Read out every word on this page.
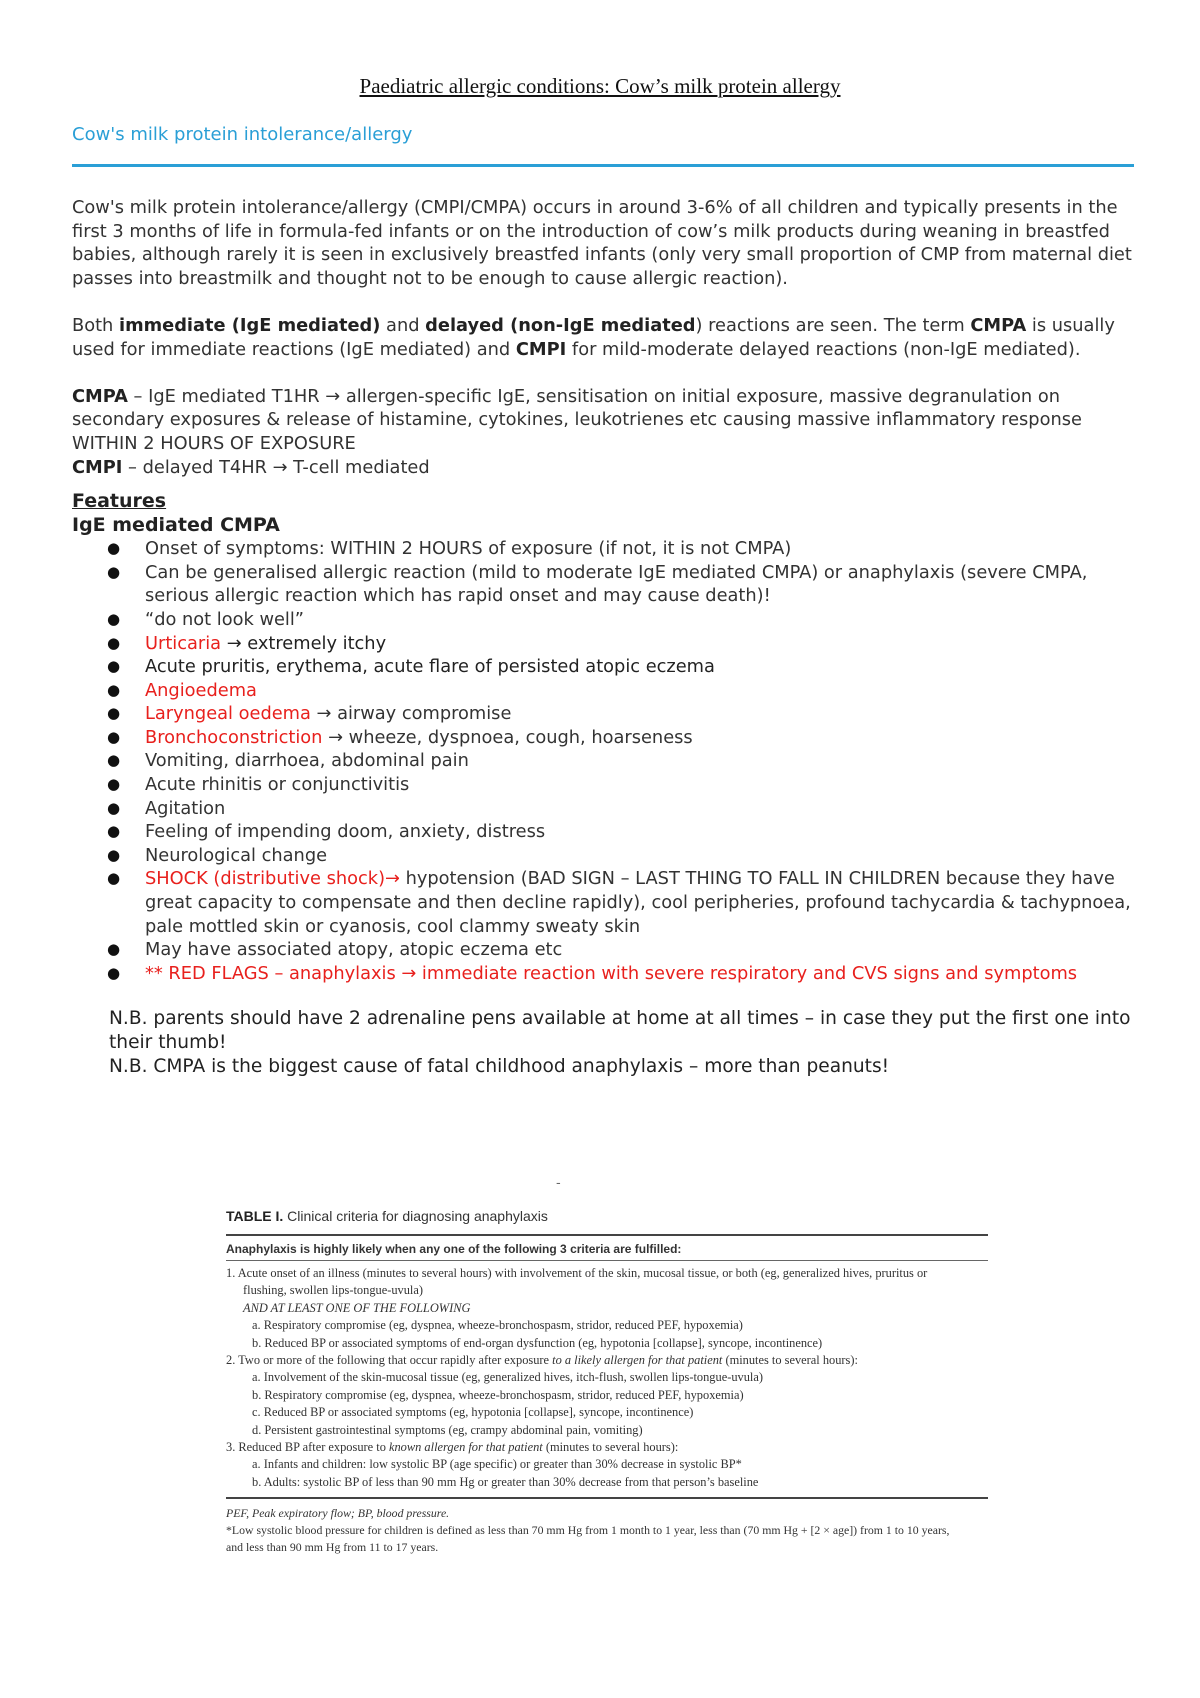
Paediatric allergic conditions: Cow’s milk protein allergy
Cow's milk protein intolerance/allergy

Cow's milk protein intolerance/allergy (CMPI/CMPA) occurs in around 3-6% of all children and typically presents in the first 3 months of life in formula-fed infants or on the introduction of cow’s milk products during weaning in breastfed babies, although rarely it is seen in exclusively breastfed infants (only very small proportion of CMP from maternal diet passes into breastmilk and thought not to be enough to cause allergic reaction).

Both immediate (IgE mediated) and delayed (non-IgE mediated) reactions are seen. The term CMPA is usually used for immediate reactions (IgE mediated) and CMPI for mild-moderate delayed reactions (non-IgE mediated).

CMPA – IgE mediated T1HR → allergen-specific IgE, sensitisation on initial exposure, massive degranulation on secondary exposures & release of histamine, cytokines, leukotrienes etc causing massive inflammatory response WITHIN 2 HOURS OF EXPOSURE

CMPI – delayed T4HR → T-cell mediated

Features
IgE mediated CMPA
● Onset of symptoms: WITHIN 2 HOURS of exposure (if not, it is not CMPA)
● Can be generalised allergic reaction (mild to moderate IgE mediated CMPA) or anaphylaxis (severe CMPA, serious allergic reaction which has rapid onset and may cause death)!
● “do not look well”
● Urticaria → extremely itchy
● Acute pruritis, erythema, acute flare of persisted atopic eczema
● Angioedema
● Laryngeal oedema → airway compromise
● Bronchoconstriction → wheeze, dyspnoea, cough, hoarseness
● Vomiting, diarrhoea, abdominal pain
● Acute rhinitis or conjunctivitis
● Agitation
● Feeling of impending doom, anxiety, distress
● Neurological change
● SHOCK (distributive shock)→ hypotension (BAD SIGN – LAST THING TO FALL IN CHILDREN because they have great capacity to compensate and then decline rapidly), cool peripheries, profound tachycardia & tachypnoea, pale mottled skin or cyanosis, cool clammy sweaty skin
● May have associated atopy, atopic eczema etc
● ** RED FLAGS – anaphylaxis → immediate reaction with severe respiratory and CVS signs and symptoms

N.B. parents should have 2 adrenaline pens available at home at all times – in case they put the first one into their thumb!

N.B. CMPA is the biggest cause of fatal childhood anaphylaxis – more than peanuts!

-
TABLE I. Clinical criteria for diagnosing anaphylaxis
Anaphylaxis is highly likely when any one of the following 3 criteria are fulfilled:
1. Acute onset of an illness (minutes to several hours) with involvement of the skin, mucosal tissue, or both (eg, generalized hives, pruritus or
flushing, swollen lips-tongue-uvula)
AND AT LEAST ONE OF THE FOLLOWING
a. Respiratory compromise (eg, dyspnea, wheeze-bronchospasm, stridor, reduced PEF, hypoxemia)
b. Reduced BP or associated symptoms of end-organ dysfunction (eg, hypotonia [collapse], syncope, incontinence)
2. Two or more of the following that occur rapidly after exposure to a likely allergen for that patient (minutes to several hours):
a. Involvement of the skin-mucosal tissue (eg, generalized hives, itch-flush, swollen lips-tongue-uvula)
b. Respiratory compromise (eg, dyspnea, wheeze-bronchospasm, stridor, reduced PEF, hypoxemia)
c. Reduced BP or associated symptoms (eg, hypotonia [collapse], syncope, incontinence)
d. Persistent gastrointestinal symptoms (eg, crampy abdominal pain, vomiting)
3. Reduced BP after exposure to known allergen for that patient (minutes to several hours):
a. Infants and children: low systolic BP (age specific) or greater than 30% decrease in systolic BP*
b. Adults: systolic BP of less than 90 mm Hg or greater than 30% decrease from that person’s baseline
PEF, Peak expiratory flow; BP, blood pressure.
*Low systolic blood pressure for children is defined as less than 70 mm Hg from 1 month to 1 year, less than (70 mm Hg + [2 × age]) from 1 to 10 years,
and less than 90 mm Hg from 11 to 17 years.
